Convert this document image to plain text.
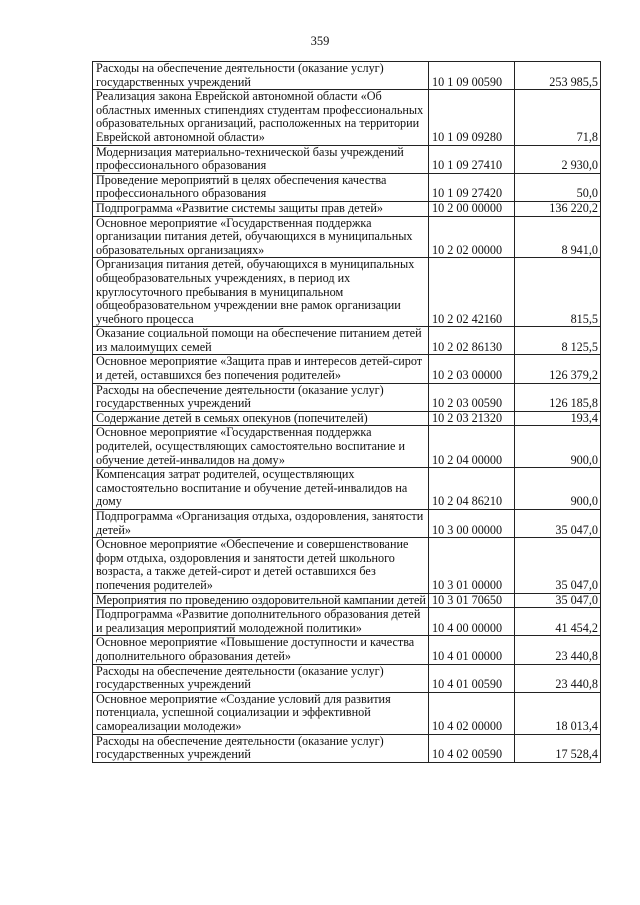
359
Расходы на обеспечение деятельности (оказание услуг) государственных учреждений	10 1 09 00590	253 985,5
Реализация закона Еврейской автономной области «Об областных именных стипендиях студентам профессиональных образовательных организаций, расположенных на территории Еврейской автономной области»	10 1 09 09280	71,8
Модернизация материально-технической базы учреждений профессионального образования	10 1 09 27410	2 930,0
Проведение мероприятий в целях обеспечения качества профессионального образования	10 1 09 27420	50,0
Подпрограмма «Развитие системы защиты прав детей»	10 2 00 00000	136 220,2
Основное мероприятие «Государственная поддержка организации питания детей, обучающихся в муниципальных образовательных организациях»	10 2 02 00000	8 941,0
Организация питания детей, обучающихся в муниципальных общеобразовательных учреждениях, в период их круглосуточного пребывания в муниципальном общеобразовательном учреждении вне рамок организации учебного процесса	10 2 02 42160	815,5
Оказание социальной помощи на обеспечение питанием детей из малоимущих семей	10 2 02 86130	8 125,5
Основное мероприятие «Защита прав и интересов детей-сирот и детей, оставшихся без попечения родителей»	10 2 03 00000	126 379,2
Расходы на обеспечение деятельности (оказание услуг) государственных учреждений	10 2 03 00590	126 185,8
Содержание детей в семьях опекунов (попечителей)	10 2 03 21320	193,4
Основное мероприятие «Государственная поддержка родителей, осуществляющих самостоятельно воспитание и обучение детей-инвалидов на дому»	10 2 04 00000	900,0
Компенсация затрат родителей, осуществляющих самостоятельно воспитание и обучение детей-инвалидов на дому	10 2 04 86210	900,0
Подпрограмма «Организация отдыха, оздоровления, занятости детей»	10 3 00 00000	35 047,0
Основное мероприятие «Обеспечение и совершенствование форм отдыха, оздоровления и занятости детей школьного возраста, а также детей-сирот и детей оставшихся без попечения родителей»	10 3 01 00000	35 047,0
Мероприятия по проведению оздоровительной кампании детей	10 3 01 70650	35 047,0
Подпрограмма «Развитие дополнительного образования детей и реализация мероприятий молодежной политики»	10 4 00 00000	41 454,2
Основное мероприятие «Повышение доступности и качества дополнительного образования детей»	10 4 01 00000	23 440,8
Расходы на обеспечение деятельности (оказание услуг) государственных учреждений	10 4 01 00590	23 440,8
Основное мероприятие «Создание условий для развития потенциала, успешной социализации и эффективной самореализации молодежи»	10 4 02 00000	18 013,4
Расходы на обеспечение деятельности (оказание услуг) государственных учреждений	10 4 02 00590	17 528,4
